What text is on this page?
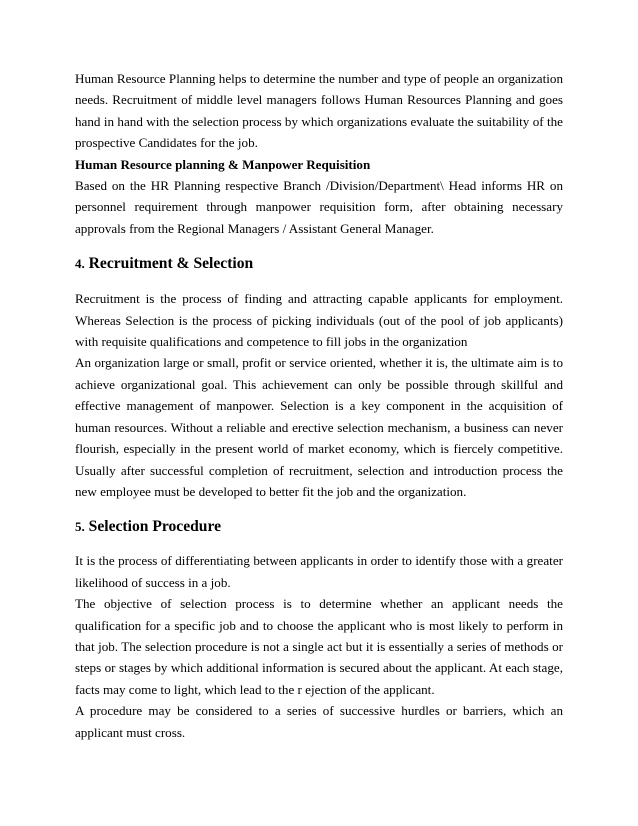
Human Resource Planning helps to determine the number and type of people an organization needs. Recruitment of middle level managers follows Human Resources Planning and goes hand in hand with the selection process by which organizations evaluate the suitability of the prospective Candidates for the job.

Human Resource planning & Manpower Requisition

Based on the HR Planning respective Branch /Division/Department\ Head informs HR on personnel requirement through manpower requisition form, after obtaining necessary approvals from the Regional Managers / Assistant General Manager.

4. Recruitment & Selection

Recruitment is the process of finding and attracting capable applicants for employment. Whereas Selection is the process of picking individuals (out of the pool of job applicants) with requisite qualifications and competence to fill jobs in the organization

An organization large or small, profit or service oriented, whether it is, the ultimate aim is to achieve organizational goal. This achievement can only be possible through skillful and effective management of manpower. Selection is a key component in the acquisition of human resources. Without a reliable and erective selection mechanism, a business can never flourish, especially in the present world of market economy, which is fiercely competitive. Usually after successful completion of recruitment, selection and introduction process the new employee must be developed to better fit the job and the organization.

5. Selection Procedure

It is the process of differentiating between applicants in order to identify those with a greater likelihood of success in a job.

The objective of selection process is to determine whether an applicant needs the qualification for a specific job and to choose the applicant who is most likely to perform in that job. The selection procedure is not a single act but it is essentially a series of methods or steps or stages by which additional information is secured about the applicant. At each stage, facts may come to light, which lead to the r ejection of the applicant.

A procedure may be considered to a series of successive hurdles or barriers, which an applicant must cross.
